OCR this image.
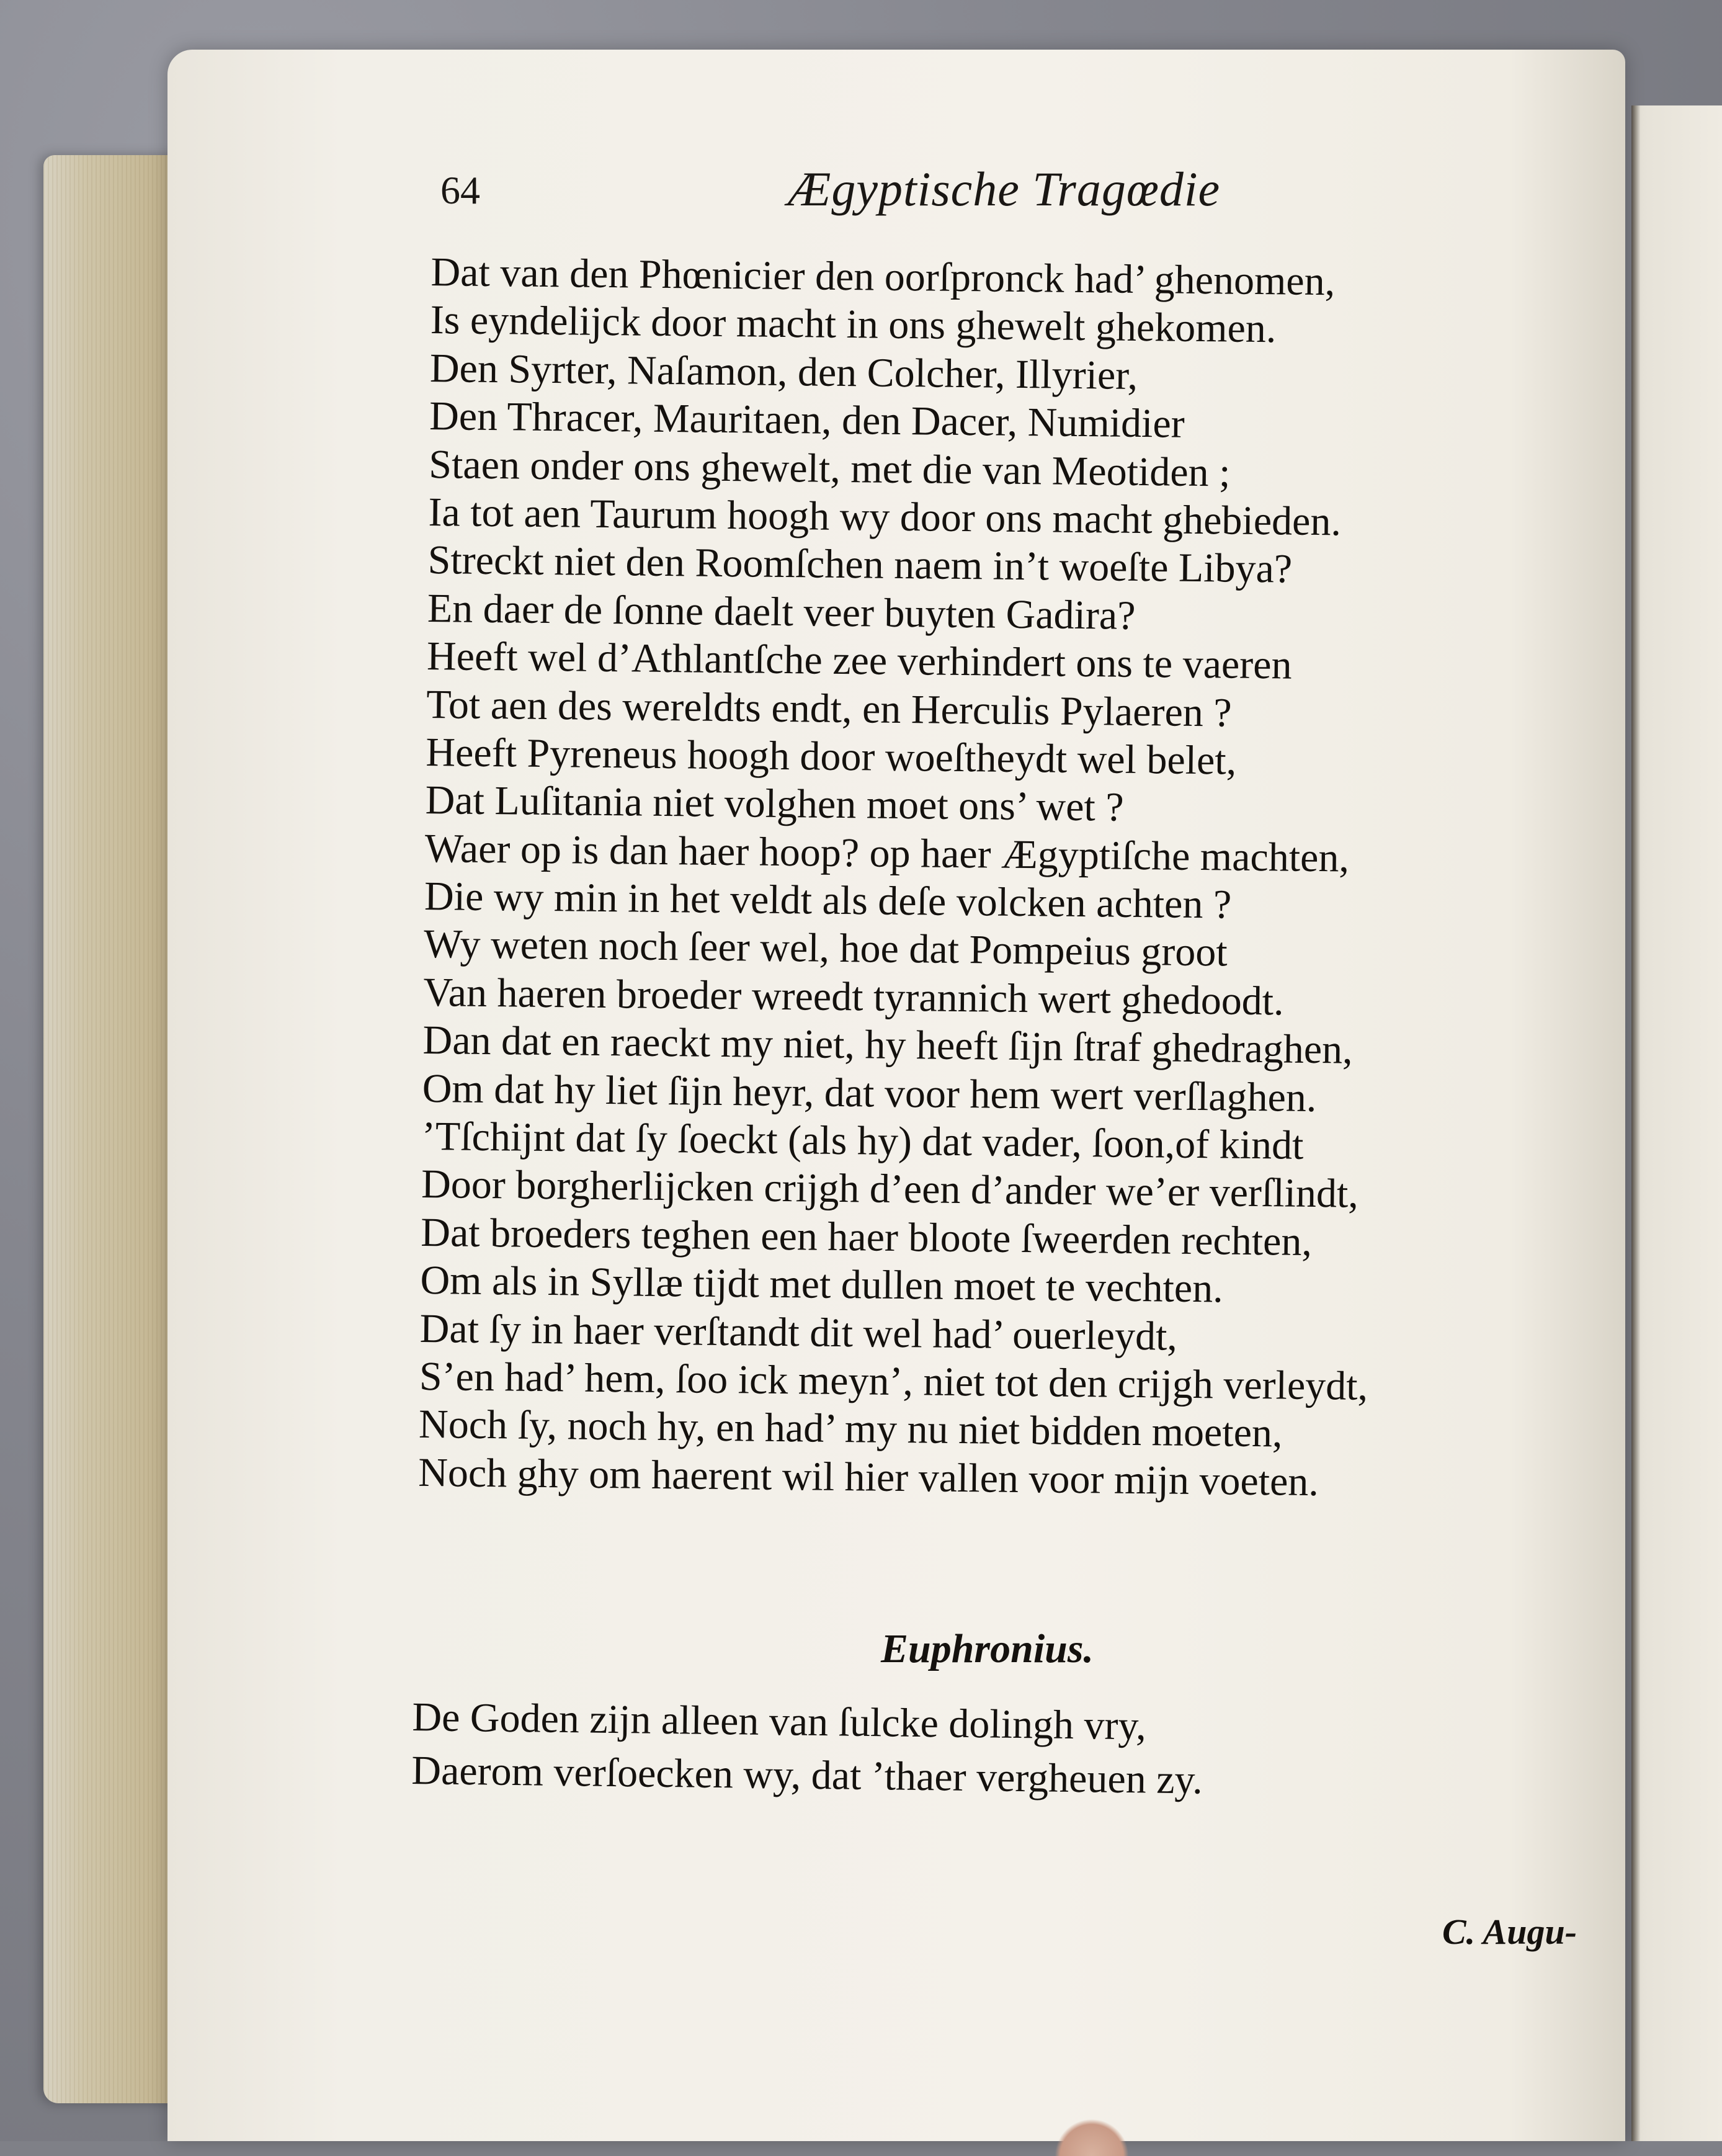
64	Ægyptische Tragœdie
Dat van den Phœnicier den oorſpronck had’ ghenomen,
Is eyndelijck door macht in ons ghewelt ghekomen.
Den Syrter, Naſamon, den Colcher, Illyrier,
Den Thracer, Mauritaen, den Dacer, Numidier
Staen onder ons ghewelt, met die van Meotiden ;
Ia tot aen Taurum hoogh wy door ons macht ghebieden.
Streckt niet den Roomſchen naem in’t woeſte Libya?
En daer de ſonne daelt veer buyten Gadira?
Heeft wel d’Athlantſche zee verhindert ons te vaeren
Tot aen des wereldts endt, en Herculis Pylaeren ?
Heeft Pyreneus hoogh door woeſtheydt wel belet,
Dat Luſitania niet volghen moet ons’ wet ?
Waer op is dan haer hoop? op haer Ægyptiſche machten,
Die wy min in het veldt als deſe volcken achten ?
Wy weten noch ſeer wel, hoe dat Pompeius groot
Van haeren broeder wreedt tyrannich wert ghedoodt.
Dan dat en raeckt my niet, hy heeft ſijn ſtraf ghedraghen,
Om dat hy liet ſijn heyr, dat voor hem wert verſlaghen.
’Tſchijnt dat ſy ſoeckt (als hy) dat vader, ſoon,of kindt
Door borgherlijcken crijgh d’een d’ander we’er verſlindt,
Dat broeders teghen een haer bloote ſweerden rechten,
Om als in Syllæ tijdt met dullen moet te vechten.
Dat ſy in haer verſtandt dit wel had’ ouerleydt,
S’en had’ hem, ſoo ick meyn’, niet tot den crijgh verleydt,
Noch ſy, noch hy, en had’ my nu niet bidden moeten,
Noch ghy om haerent wil hier vallen voor mijn voeten.
Euphronius.
De Goden zijn alleen van ſulcke dolingh vry,
Daerom verſoecken wy, dat ’thaer vergheuen zy.
C. Augu-
